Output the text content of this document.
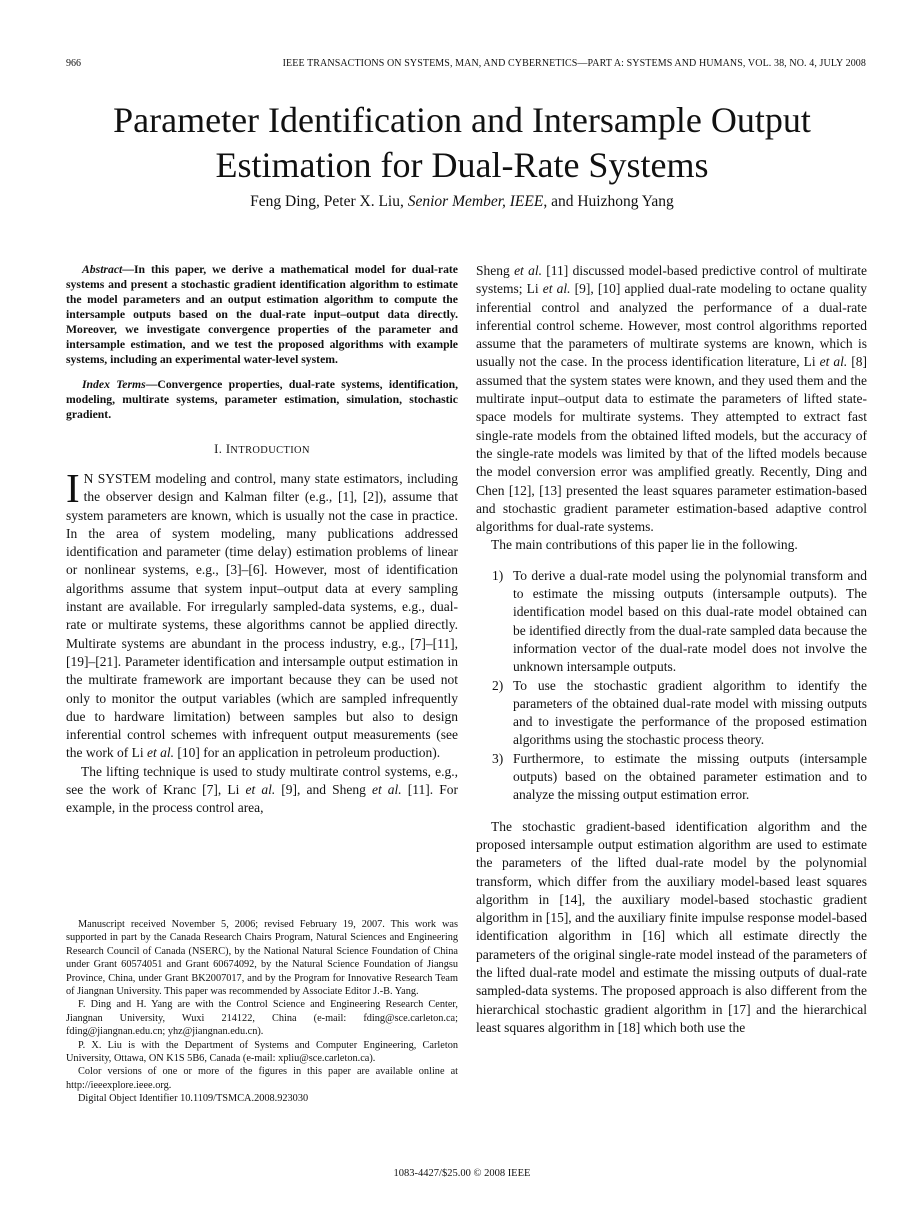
966	IEEE TRANSACTIONS ON SYSTEMS, MAN, AND CYBERNETICS—PART A: SYSTEMS AND HUMANS, VOL. 38, NO. 4, JULY 2008
Parameter Identification and Intersample Output
Estimation for Dual-Rate Systems
Feng Ding, Peter X. Liu, Senior Member, IEEE, and Huizhong Yang

Abstract—In this paper, we derive a mathematical model for dual-rate systems and present a stochastic gradient identification algorithm to estimate the model parameters and an output estimation algorithm to compute the intersample outputs based on the dual-rate input–output data directly. Moreover, we investigate convergence properties of the parameter and intersample estimation, and we test the proposed algorithms with example systems, including an experimental water-level system.

Index Terms—Convergence properties, dual-rate systems, identification, modeling, multirate systems, parameter estimation, simulation, stochastic gradient.

I. INTRODUCTION

I N SYSTEM modeling and control, many state estimators, including the observer design and Kalman filter (e.g., [1], [2]), assume that system parameters are known, which is usually not the case in practice. In the area of system modeling, many publications addressed identification and parameter (time delay) estimation problems of linear or nonlinear systems, e.g., [3]–[6]. However, most of identification algorithms assume that system input–output data at every sampling instant are available. For irregularly sampled-data systems, e.g., dual-rate or multirate systems, these algorithms cannot be applied directly. Multirate systems are abundant in the process industry, e.g., [7]–[11], [19]–[21]. Parameter identification and intersample output estimation in the multirate framework are important because they can be used not only to monitor the output variables (which are sampled infrequently due to hardware limitation) between samples but also to design inferential control schemes with infrequent output measurements (see the work of Li et al. [10] for an application in petroleum production).

The lifting technique is used to study multirate control systems, e.g., see the work of Kranc [7], Li et al. [9], and Sheng et al. [11]. For example, in the process control area,

Manuscript received November 5, 2006; revised February 19, 2007. This work was supported in part by the Canada Research Chairs Program, Natural Sciences and Engineering Research Council of Canada (NSERC), by the National Natural Science Foundation of China under Grant 60574051 and Grant 60674092, by the Natural Science Foundation of Jiangsu Province, China, under Grant BK2007017, and by the Program for Innovative Research Team of Jiangnan University. This paper was recommended by Associate Editor J.-B. Yang.

F. Ding and H. Yang are with the Control Science and Engineering Research Center, Jiangnan University, Wuxi 214122, China (e-mail: fding@sce.carleton.ca; fding@jiangnan.edu.cn; yhz@jiangnan.edu.cn).

P. X. Liu is with the Department of Systems and Computer Engineering, Carleton University, Ottawa, ON K1S 5B6, Canada (e-mail: xpliu@sce.carleton.ca).

Color versions of one or more of the figures in this paper are available online at http://ieeexplore.ieee.org.

Digital Object Identifier 10.1109/TSMCA.2008.923030

Sheng et al. [11] discussed model-based predictive control of multirate systems; Li et al. [9], [10] applied dual-rate modeling to octane quality inferential control and analyzed the performance of a dual-rate inferential control scheme. However, most control algorithms reported assume that the parameters of multirate systems are known, which is usually not the case. In the process identification literature, Li et al. [8] assumed that the system states were known, and they used them and the multirate input–output data to estimate the parameters of lifted state-space models for multirate systems. They attempted to extract fast single-rate models from the obtained lifted models, but the accuracy of the single-rate models was limited by that of the lifted models because the model conversion error was amplified greatly. Recently, Ding and Chen [12], [13] presented the least squares parameter estimation-based and stochastic gradient parameter estimation-based adaptive control algorithms for dual-rate systems.

The main contributions of this paper lie in the following.

1) To derive a dual-rate model using the polynomial transform and to estimate the missing outputs (intersample outputs). The identification model based on this dual-rate model obtained can be identified directly from the dual-rate sampled data because the information vector of the dual-rate model does not involve the unknown intersample outputs.
2) To use the stochastic gradient algorithm to identify the parameters of the obtained dual-rate model with missing outputs and to investigate the performance of the proposed estimation algorithms using the stochastic process theory.
3) Furthermore, to estimate the missing outputs (intersample outputs) based on the obtained parameter estimation and to analyze the missing output estimation error.

The stochastic gradient-based identification algorithm and the proposed intersample output estimation algorithm are used to estimate the parameters of the lifted dual-rate model by the polynomial transform, which differ from the auxiliary model-based least squares algorithm in [14], the auxiliary model-based stochastic gradient algorithm in [15], and the auxiliary finite impulse response model-based identification algorithm in [16] which all estimate directly the parameters of the original single-rate model instead of the parameters of the lifted dual-rate model and estimate the missing outputs of dual-rate sampled-data systems. The proposed approach is also different from the hierarchical stochastic gradient algorithm in [17] and the hierarchical least squares algorithm in [18] which both use the

1083-4427/$25.00 © 2008 IEEE
